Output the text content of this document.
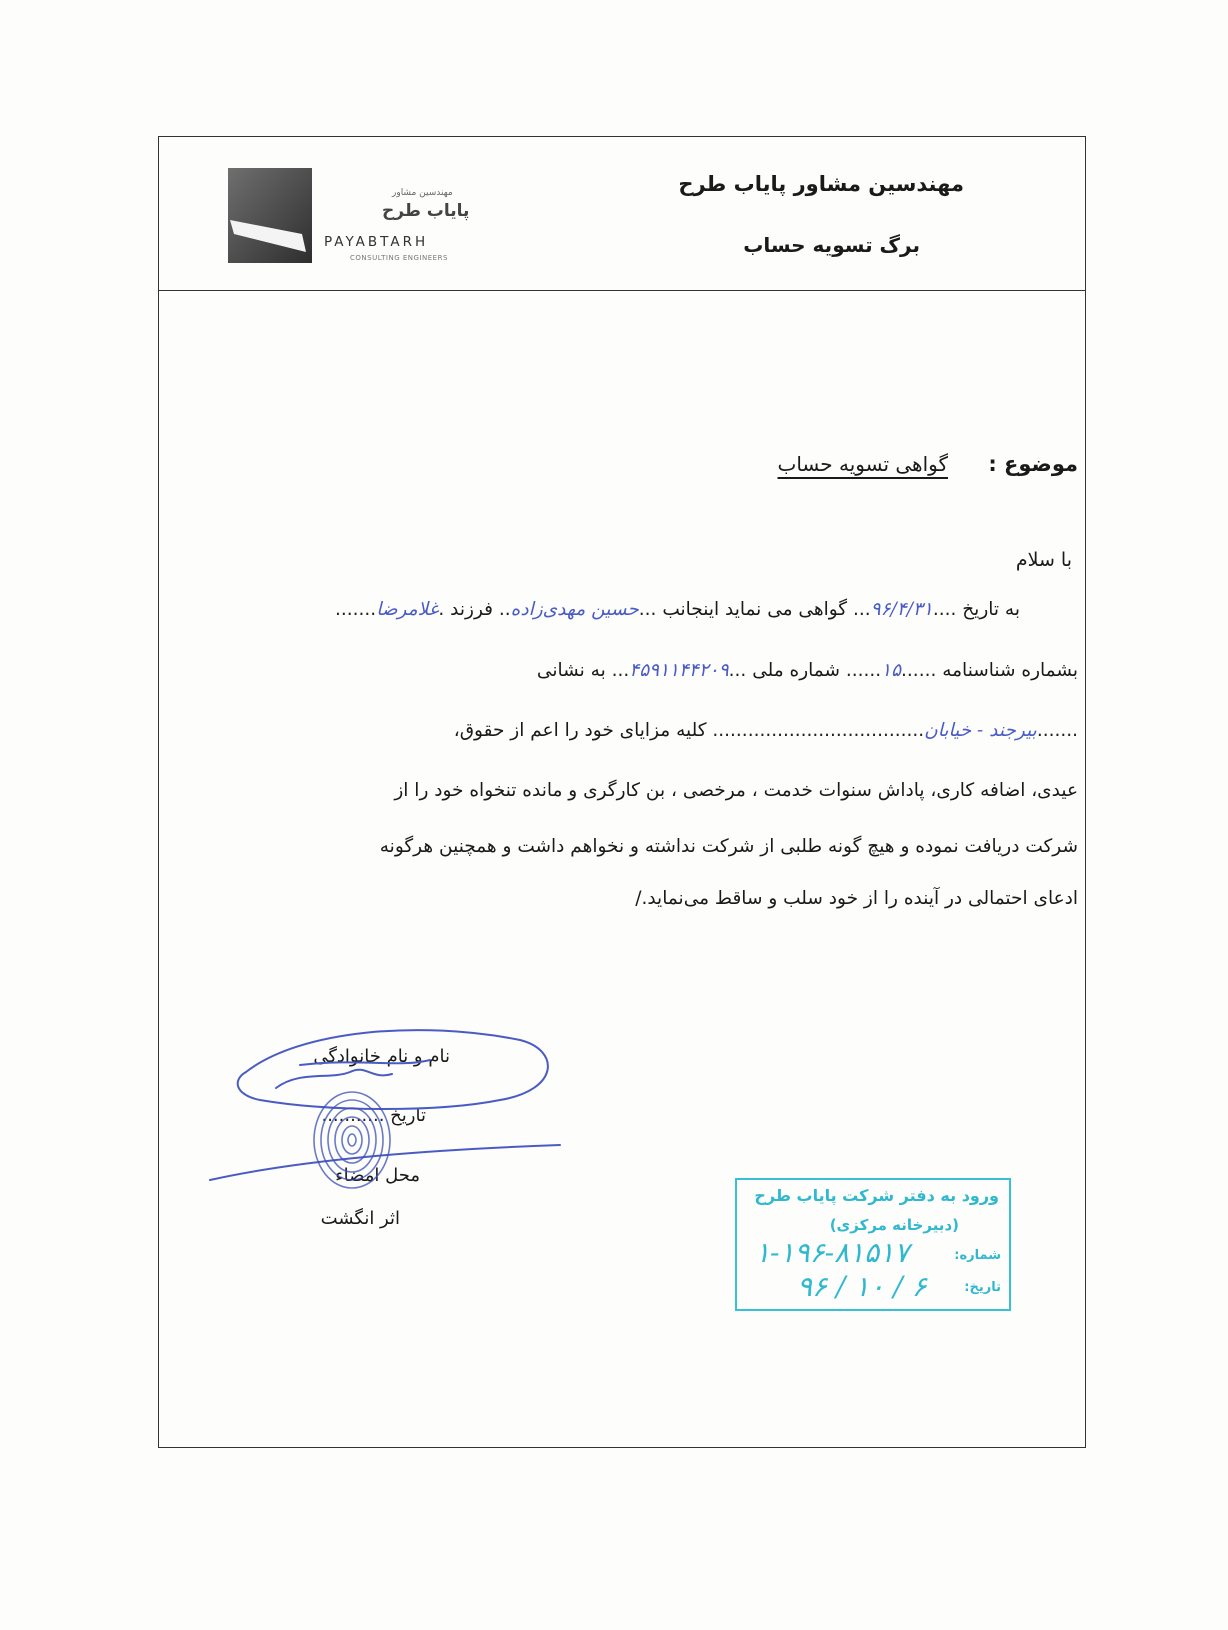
مهندسین مشاور پایاب طرح
برگ تسویه حساب
مهندسین مشاور
پایاب طرح
PAYABTARH
CONSULTING ENGINEERS
موضوع :
گواهی تسویه حساب
با سلام
به تاریخ ....۹۶/۴/۳۱... گواهی می نماید اینجانب ...حسین مهدی‌زاده.. فرزند .غلامرضا.......
بشماره شناسنامه ......۱۵...... شماره ملی ...۴۵۹۱۱۴۴۲۰۹... به نشانی
.......بیرجند - خیابان.................................... کلیه مزایای خود را اعم از حقوق،
عیدی، اضافه کاری، پاداش سنوات خدمت ، مرخصی ، بن کارگری و مانده تنخواه خود را از
شرکت دریافت نموده و هیچ گونه طلبی از شرکت نداشته و نخواهم داشت و همچنین هرگونه
ادعای احتمالی در آینده را از خود سلب و ساقط می‌نماید./
نام و نام خانوادگی
تاریخ ...........
محل امضاء
اثر انگشت
ورود به دفتر شرکت پایاب طرح
(دبیرخانه مرکزی)
شماره:
تاریخ:
۱-۱۹۶-۸۱۵۱۷
۹۶ / ۱۰ / ۶
